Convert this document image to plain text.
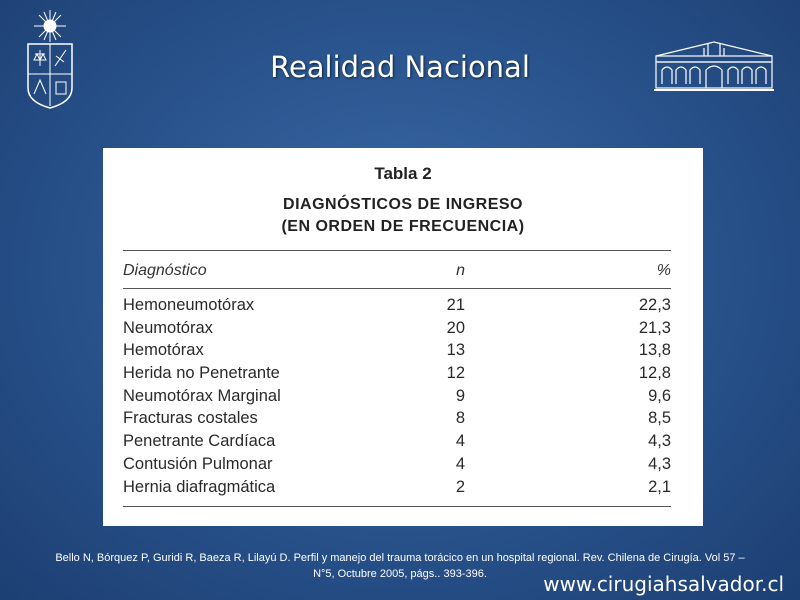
Realidad Nacional
Tabla 2
DIAGNÓSTICOS DE INGRESO
(EN ORDEN DE FRECUENCIA)
Diagnóstico	n	%
Hemoneumotórax	21	22,3
Neumotórax	20	21,3
Hemotórax	13	13,8
Herida no Penetrante	12	12,8
Neumotórax Marginal	9	9,6
Fracturas costales	8	8,5
Penetrante Cardíaca	4	4,3
Contusión Pulmonar	4	4,3
Hernia diafragmática	2	2,1
Bello N, Bórquez P, Guridi R, Baeza R, Lilayú D. Perfil y manejo del trauma torácico en un hospital regional. Rev. Chilena de Cirugía. Vol 57 –
N°5, Octubre 2005, págs.. 393-396.	www.cirugiahsalvador.cl
